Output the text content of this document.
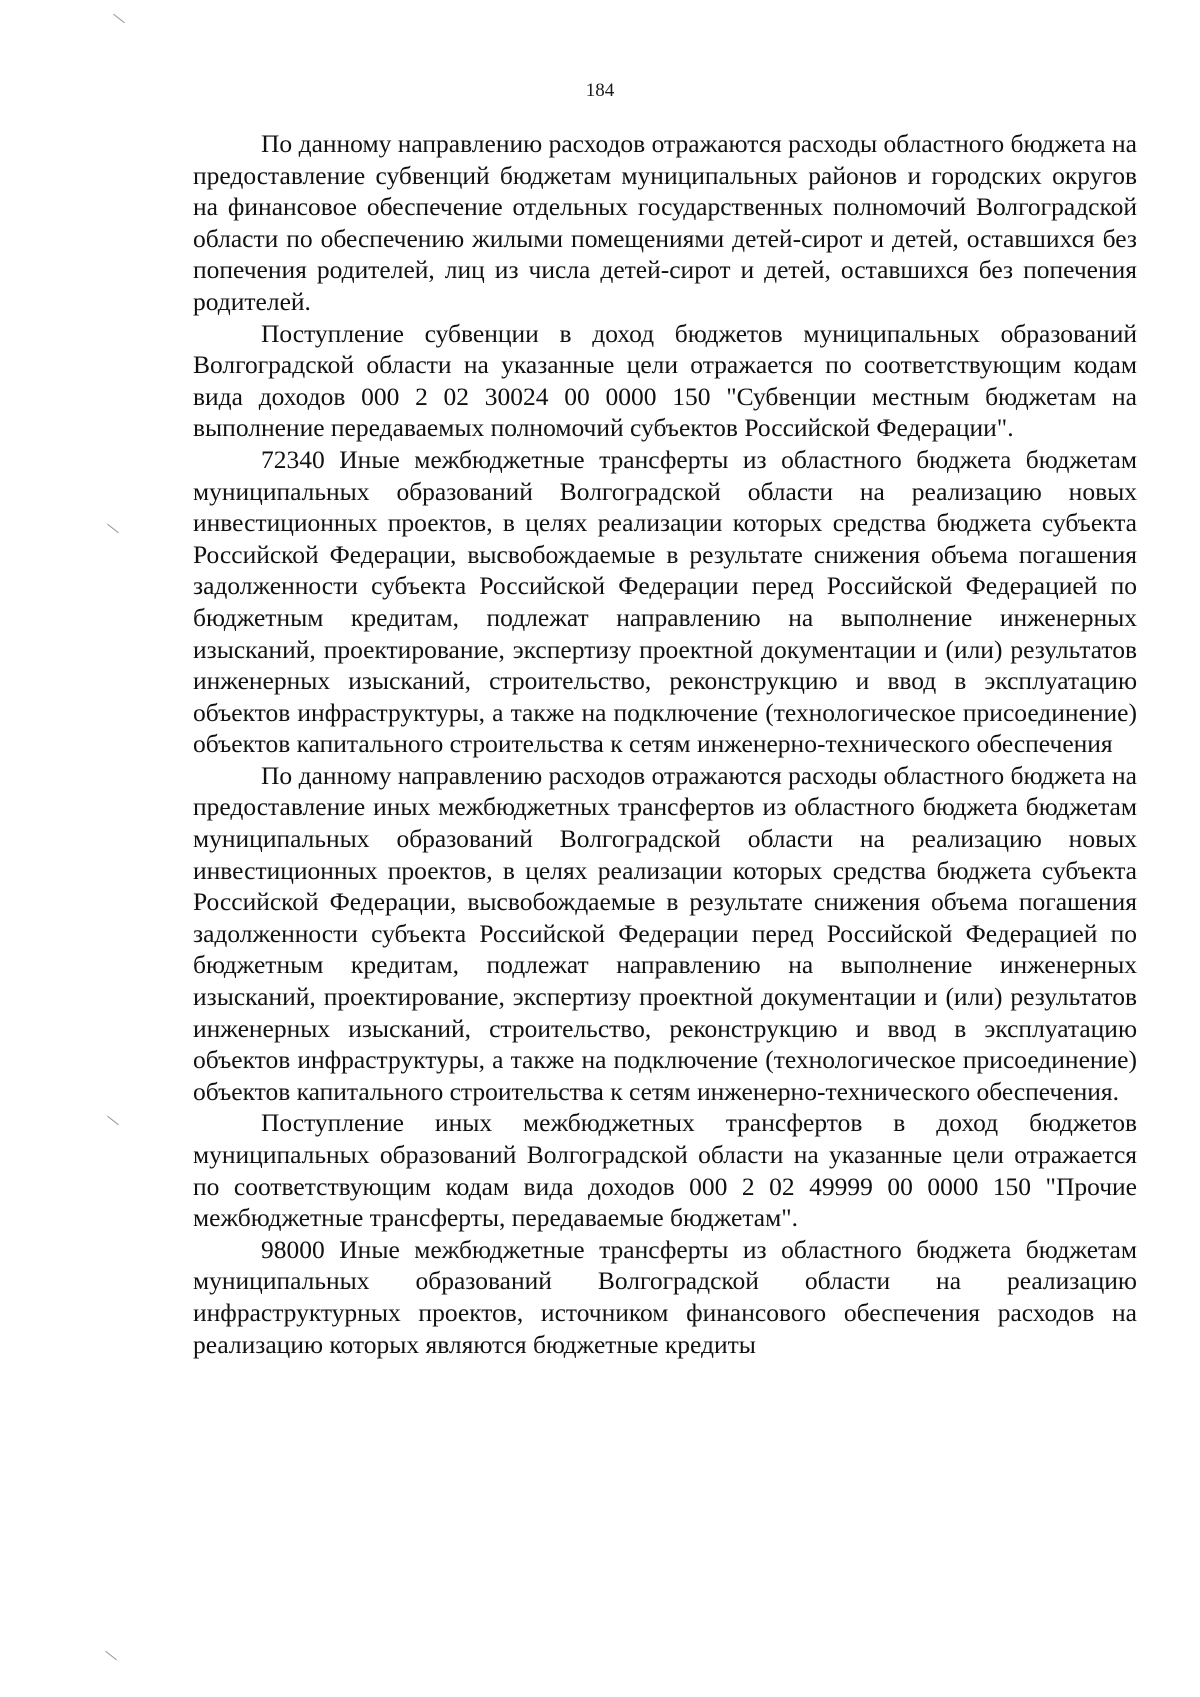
184

По данному направлению расходов отражаются расходы областного бюджета на предоставление субвенций бюджетам муниципальных районов и городских округов на финансовое обеспечение отдельных государственных полномочий Волгоградской области по обеспечению жилыми помещениями детей-сирот и детей, оставшихся без попечения родителей, лиц из числа детей-сирот и детей, оставшихся без попечения родителей.

Поступление субвенции в доход бюджетов муниципальных образований Волгоградской области на указанные цели отражается по соответствующим кодам вида доходов 000 2 02 30024 00 0000 150 "Субвенции местным бюджетам на выполнение передаваемых полномочий субъектов Российской Федерации".

72340 Иные межбюджетные трансферты из областного бюджета бюджетам муниципальных образований Волгоградской области на реализацию новых инвестиционных проектов, в целях реализации которых средства бюджета субъекта Российской Федерации, высвобождаемые в результате снижения объема погашения задолженности субъекта Российской Федерации перед Российской Федерацией по бюджетным кредитам, подлежат направлению на выполнение инженерных изысканий, проектирование, экспертизу проектной документации и (или) результатов инженерных изысканий, строительство, реконструкцию и ввод в эксплуатацию объектов инфраструктуры, а также на подключение (технологическое присоединение) объектов капитального строительства к сетям инженерно-технического обеспечения

По данному направлению расходов отражаются расходы областного бюджета на предоставление иных межбюджетных трансфертов из областного бюджета бюджетам муниципальных образований Волгоградской области на реализацию новых инвестиционных проектов, в целях реализации которых средства бюджета субъекта Российской Федерации, высвобождаемые в результате снижения объема погашения задолженности субъекта Российской Федерации перед Российской Федерацией по бюджетным кредитам, подлежат направлению на выполнение инженерных изысканий, проектирование, экспертизу проектной документации и (или) результатов инженерных изысканий, строительство, реконструкцию и ввод в эксплуатацию объектов инфраструктуры, а также на подключение (технологическое присоединение) объектов капитального строительства к сетям инженерно-технического обеспечения.

Поступление иных межбюджетных трансфертов в доход бюджетов муниципальных образований Волгоградской области на указанные цели отражается по соответствующим кодам вида доходов 000 2 02 49999 00 0000 150 "Прочие межбюджетные трансферты, передаваемые бюджетам".

98000 Иные межбюджетные трансферты из областного бюджета бюджетам муниципальных образований Волгоградской области на реализацию инфраструктурных проектов, источником финансового обеспечения расходов на реализацию которых являются бюджетные кредиты
